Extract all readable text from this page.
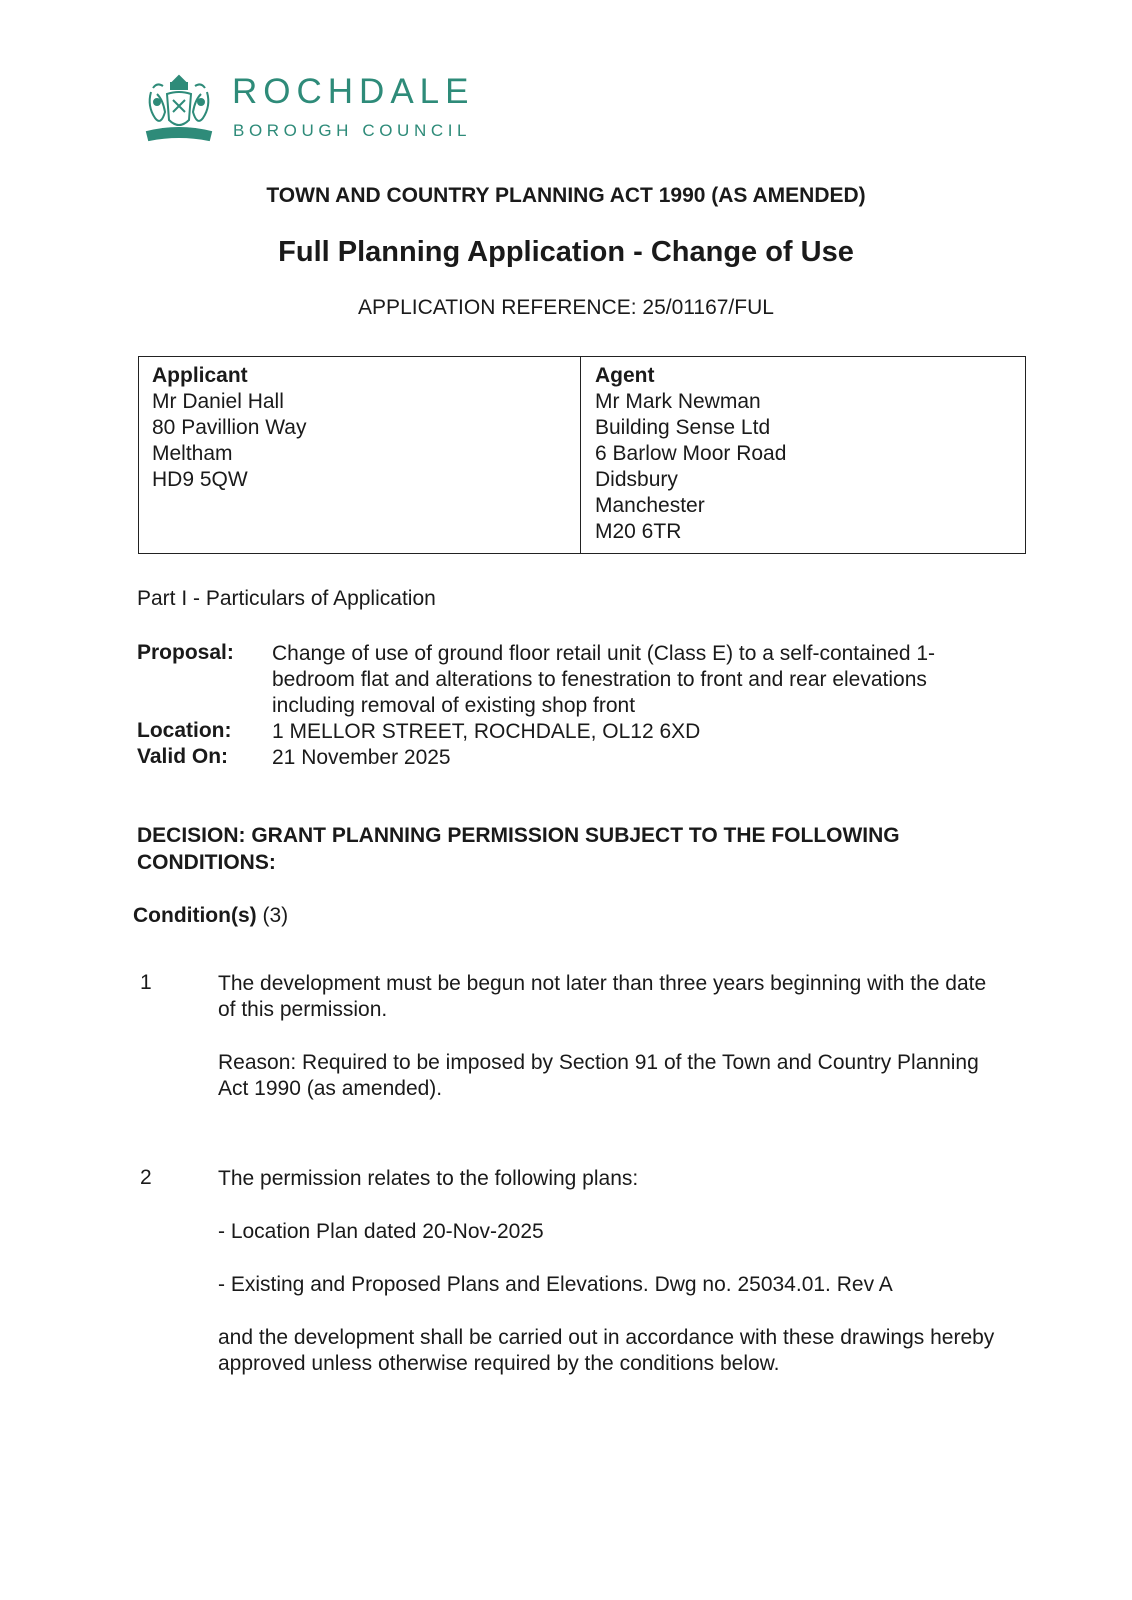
ROCHDALE
BOROUGH COUNCIL
TOWN AND COUNTRY PLANNING ACT 1990 (AS AMENDED)
Full Planning Application - Change of Use
APPLICATION REFERENCE: 25/01167/FUL
Applicant
Mr Daniel Hall
80 Pavillion Way
Meltham
HD9 5QW
Agent
Mr Mark Newman
Building Sense Ltd
6 Barlow Moor Road
Didsbury
Manchester
M20 6TR
Part I - Particulars of Application
Proposal: Change of use of ground floor retail unit (Class E) to a self-contained 1-bedroom flat and alterations to fenestration to front and rear elevations including removal of existing shop front
Location: 1 MELLOR STREET, ROCHDALE, OL12 6XD
Valid On: 21 November 2025
DECISION: GRANT PLANNING PERMISSION SUBJECT TO THE FOLLOWING CONDITIONS:
Condition(s) (3)
1	The development must be begun not later than three years beginning with the date of this permission.
Reason: Required to be imposed by Section 91 of the Town and Country Planning Act 1990 (as amended).
2	The permission relates to the following plans:
- Location Plan dated 20-Nov-2025
- Existing and Proposed Plans and Elevations. Dwg no. 25034.01. Rev A
and the development shall be carried out in accordance with these drawings hereby approved unless otherwise required by the conditions below.
